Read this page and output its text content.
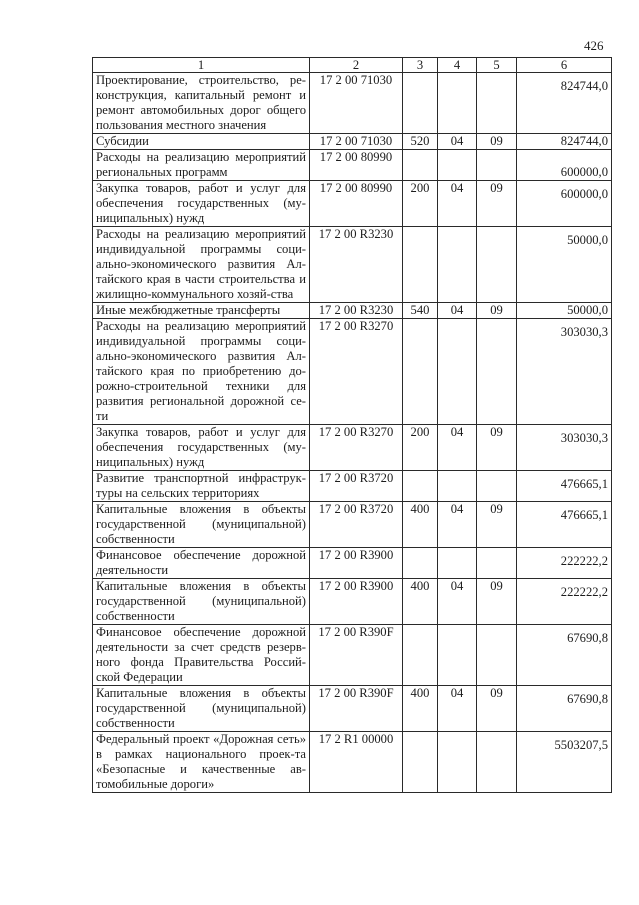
426
1	2	3	4	5	6
Проектирование, строительство, ре-конструкция, капитальный ремонт и ремонт автомобильных дорог общего пользования местного значения	17 2 00 71030				824744,0
Субсидии	17 2 00 71030	520	04	09	824744,0
Расходы на реализацию мероприятий региональных программ	17 2 00 80990				600000,0
Закупка товаров, работ и услуг для обеспечения государственных (му-ниципальных) нужд	17 2 00 80990	200	04	09	600000,0
Расходы на реализацию мероприятий индивидуальной программы соци-ально-экономического развития Ал-тайского края в части строительства и жилищно-коммунального хозяй-ства	17 2 00 R3230				50000,0
Иные межбюджетные трансферты	17 2 00 R3230	540	04	09	50000,0
Расходы на реализацию мероприятий индивидуальной программы соци-ально-экономического развития Ал-тайского края по приобретению до-рожно-строительной техники для развития региональной дорожной се-ти	17 2 00 R3270				303030,3
Закупка товаров, работ и услуг для обеспечения государственных (му-ниципальных) нужд	17 2 00 R3270	200	04	09	303030,3
Развитие транспортной инфраструк-туры на сельских территориях	17 2 00 R3720				476665,1
Капитальные вложения в объекты государственной (муниципальной) собственности	17 2 00 R3720	400	04	09	476665,1
Финансовое обеспечение дорожной деятельности	17 2 00 R3900				222222,2
Капитальные вложения в объекты государственной (муниципальной) собственности	17 2 00 R3900	400	04	09	222222,2
Финансовое обеспечение дорожной деятельности за счет средств резерв-ного фонда Правительства Россий-ской Федерации	17 2 00 R390F				67690,8
Капитальные вложения в объекты государственной (муниципальной) собственности	17 2 00 R390F	400	04	09	67690,8
Федеральный проект «Дорожная сеть» в рамках национального проек-та «Безопасные и качественные ав-томобильные дороги»	17 2 R1 00000				5503207,5
